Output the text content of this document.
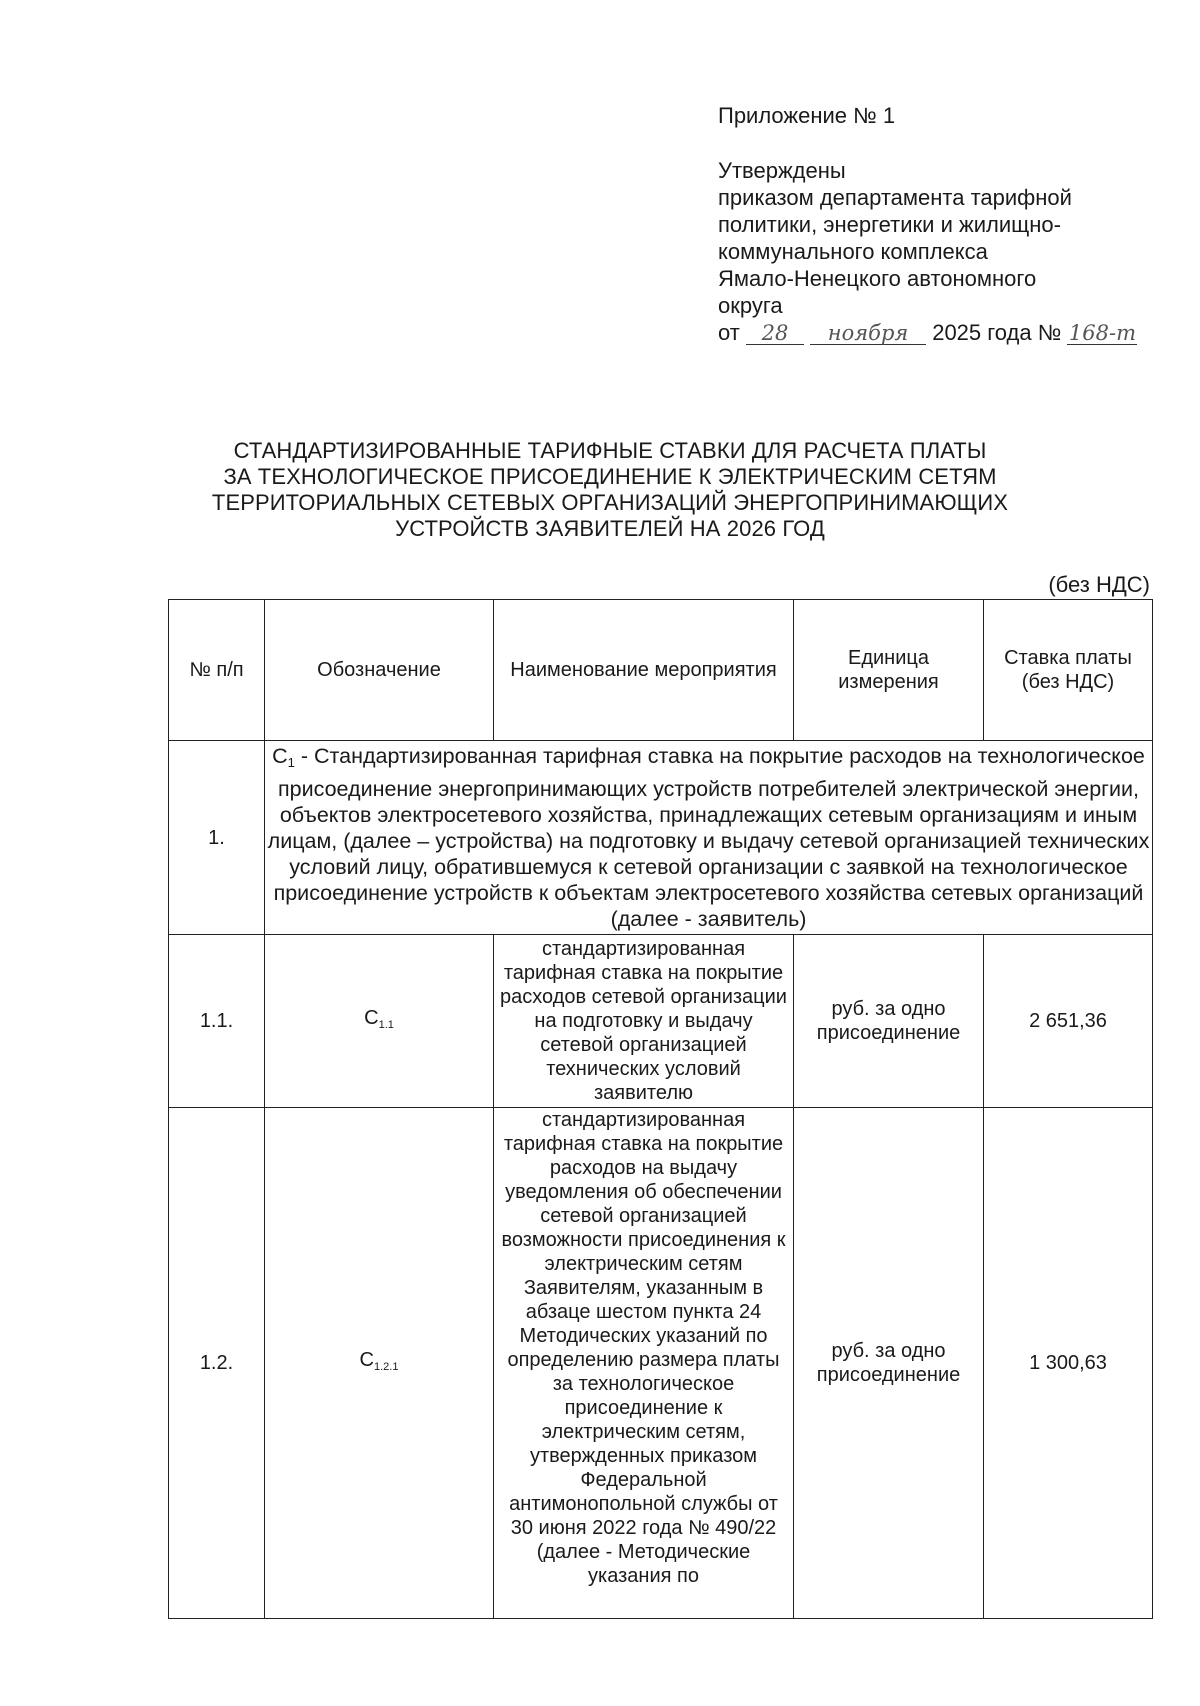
Приложение № 1
Утверждены
приказом департамента тарифной
политики, энергетики и жилищно-
коммунального комплекса
Ямало-Ненецкого автономного
округа
от 28 ноября 2025 года № 168-т
СТАНДАРТИЗИРОВАННЫЕ ТАРИФНЫЕ СТАВКИ ДЛЯ РАСЧЕТА ПЛАТЫ
ЗА ТЕХНОЛОГИЧЕСКОЕ ПРИСОЕДИНЕНИЕ К ЭЛЕКТРИЧЕСКИМ СЕТЯМ
ТЕРРИТОРИАЛЬНЫХ СЕТЕВЫХ ОРГАНИЗАЦИЙ ЭНЕРГОПРИНИМАЮЩИХ
УСТРОЙСТВ ЗАЯВИТЕЛЕЙ НА 2026 ГОД
(без НДС)
№ п/п	Обозначение	Наименование мероприятия	Единица измерения	Ставка платы (без НДС)
1.	$С_1$ - Стандартизированная тарифная ставка на покрытие расходов на технологическое присоединение энергопринимающих устройств потребителей электрической энергии, объектов электросетевого хозяйства, принадлежащих сетевым организациям и иным лицам, (далее – устройства) на подготовку и выдачу сетевой организацией технических условий лицу, обратившемуся к сетевой организации с заявкой на технологическое присоединение устройств к объектам электросетевого хозяйства сетевых организаций (далее - заявитель)			
1.1.	$С_{1.1}$	стандартизированная тарифная ставка на покрытие расходов сетевой организации на подготовку и выдачу сетевой организацией технических условий заявителю	руб. за одно присоединение	2 651,36
1.2.	$С_{1.2.1}$	стандартизированная тарифная ставка на покрытие расходов на выдачу уведомления об обеспечении сетевой организацией возможности присоединения к электрическим сетям Заявителям, указанным в абзаце шестом пункта 24 Методических указаний по определению размера платы за технологическое присоединение к электрическим сетям, утвержденных приказом Федеральной антимонопольной службы от 30 июня 2022 года № 490/22 (далее - Методические указания по	руб. за одно присоединение	1 300,63
